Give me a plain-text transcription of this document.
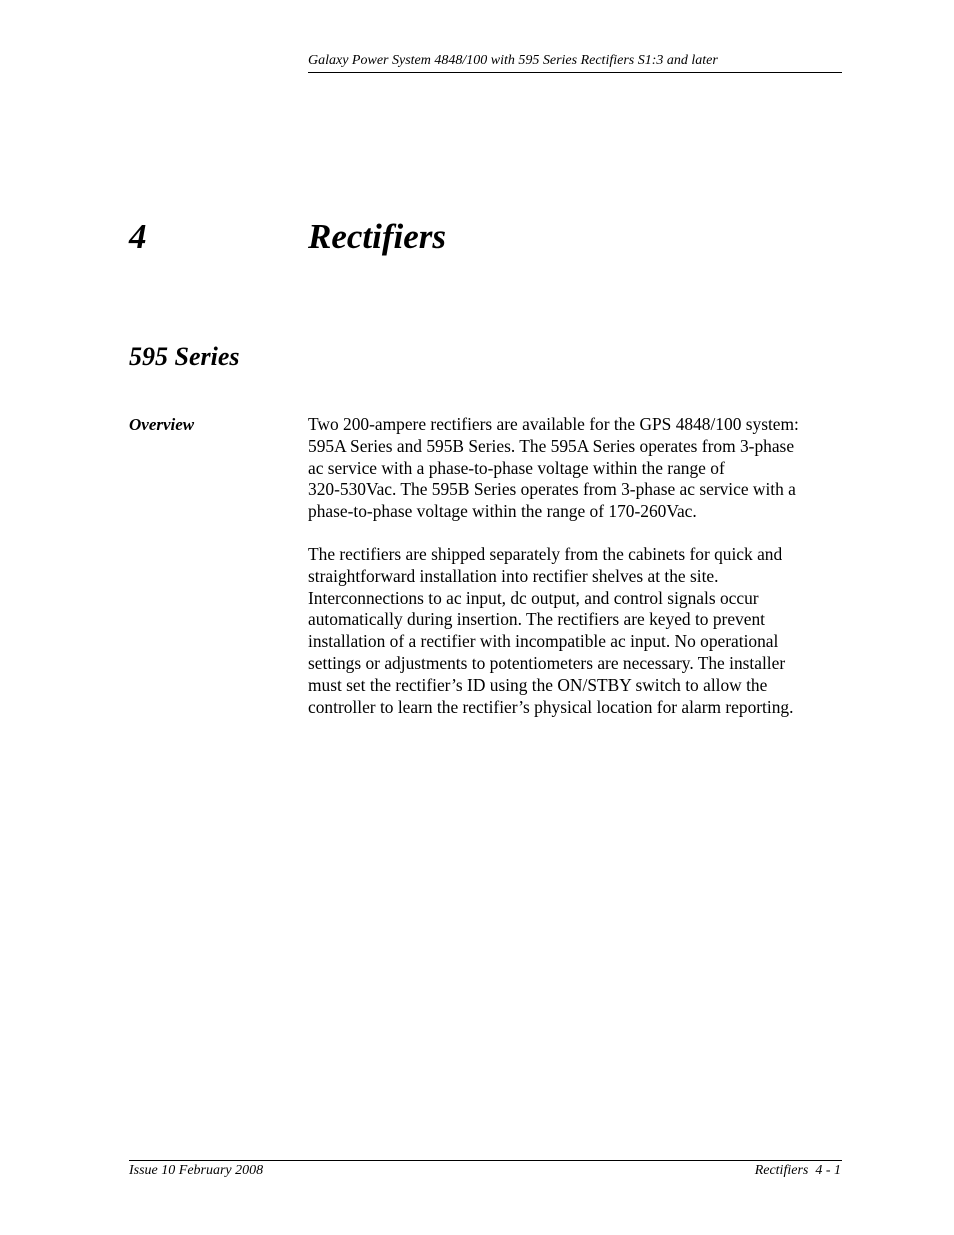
Galaxy Power System 4848/100 with 595 Series Rectifiers S1:3 and later
4	Rectifiers
595 Series
Overview	Two 200-ampere rectifiers are available for the GPS 4848/100 system:
595A Series and 595B Series. The 595A Series operates from 3-phase
ac service with a phase-to-phase voltage within the range of
320-530Vac. The 595B Series operates from 3-phase ac service with a
phase-to-phase voltage within the range of 170-260Vac.

The rectifiers are shipped separately from the cabinets for quick and
straightforward installation into rectifier shelves at the site.
Interconnections to ac input, dc output, and control signals occur
automatically during insertion. The rectifiers are keyed to prevent
installation of a rectifier with incompatible ac input. No operational
settings or adjustments to potentiometers are necessary. The installer
must set the rectifier’s ID using the ON/STBY switch to allow the
controller to learn the rectifier’s physical location for alarm reporting.

Issue 10 February 2008	Rectifiers  4 - 1
